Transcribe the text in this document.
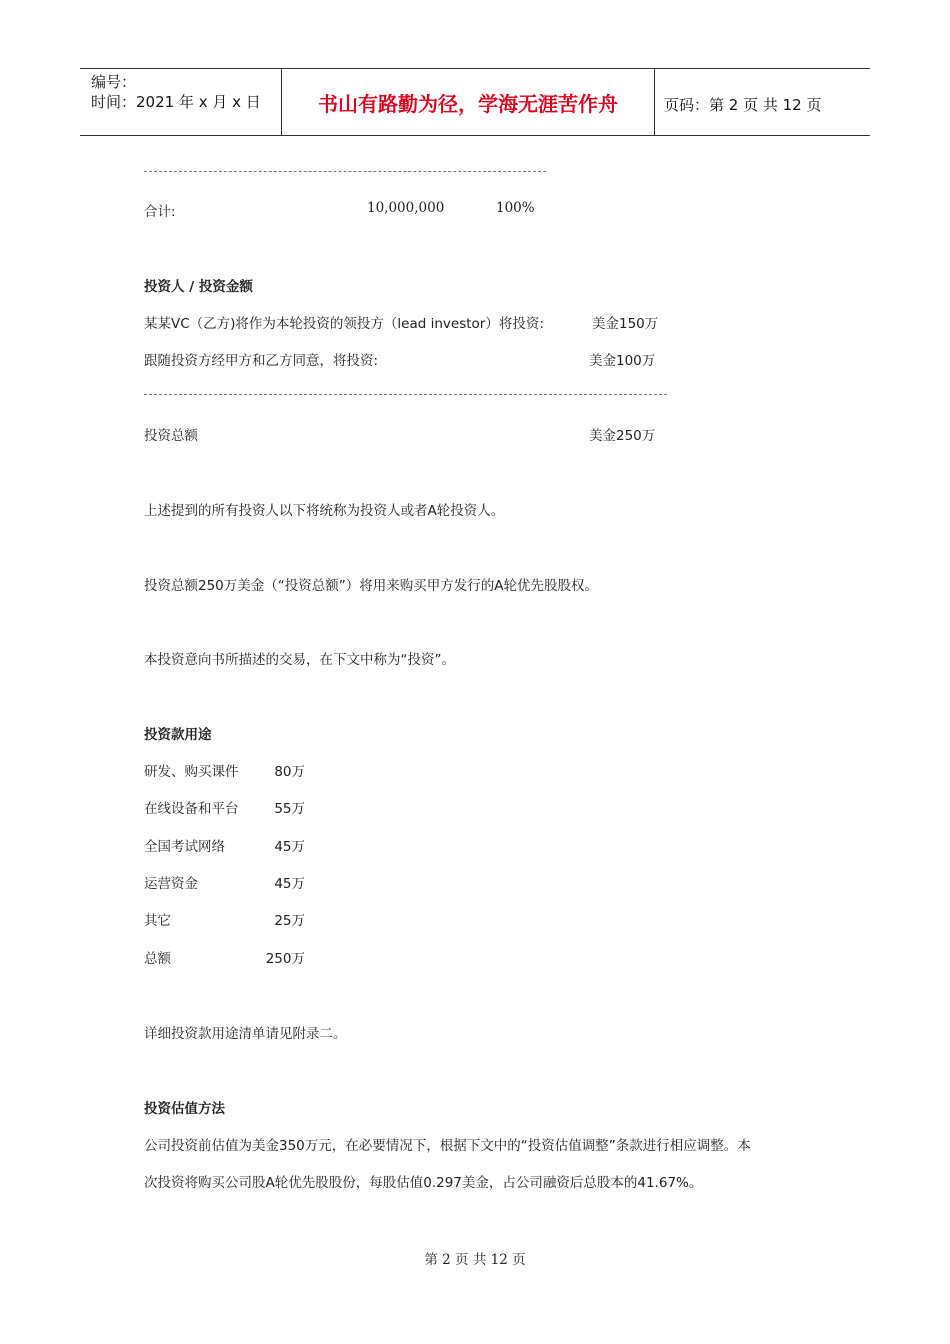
编号：
时间：2021 年 x 月 x 日	书山有路勤为径，学海无涯苦作舟	页码：第 2 页 共 12 页
合计:	10,000,000	100%
投资人 / 投资金额
某某VC（乙方)将作为本轮投资的领投方（lead investor）将投资:	美金150万
跟随投资方经甲方和乙方同意，将投资:	美金100万
投资总额	美金250万
上述提到的所有投资人以下将统称为投资人或者A轮投资人。
投资总额250万美金（“投资总额”）将用来购买甲方发行的A轮优先股股权。
本投资意向书所描述的交易，在下文中称为“投资”。
投资款用途
研发、购买课件	80万
在线设备和平台	55万
全国考试网络	45万
运营资金	45万
其它	25万
总额	250万
详细投资款用途清单请见附录二。
投资估值方法
公司投资前估值为美金350万元，在必要情况下，根据下文中的“投资估值调整”条款进行相应调整。本
次投资将购买公司股A轮优先股股份，每股估值0.297美金，占公司融资后总股本的41.67%。
第 2 页 共 12 页
